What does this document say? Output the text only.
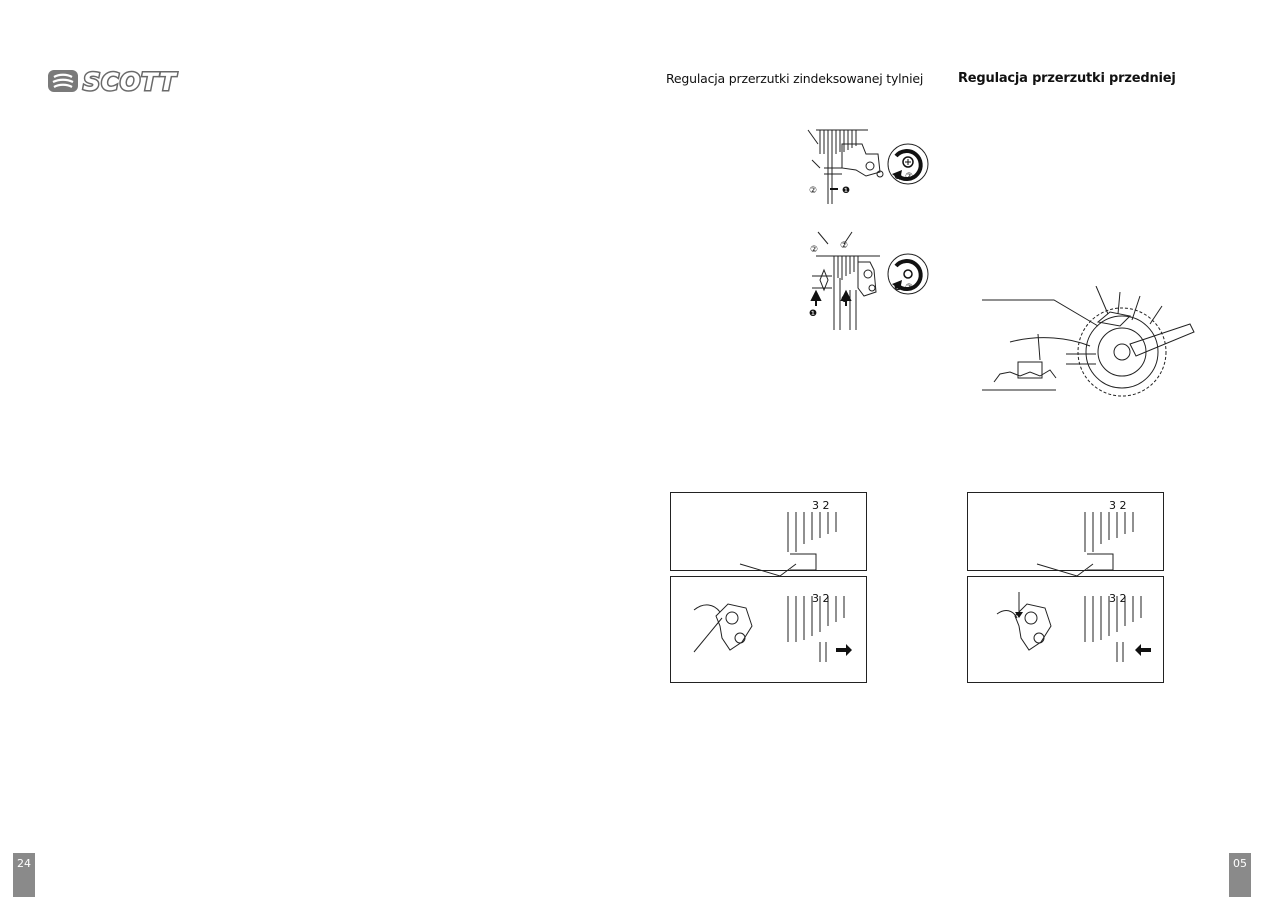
SCOTT	Regulacja przerzutki zindeksowanej tylniej	Regulacja przerzutki przedniej
❶ ②
②	❶
❶ ②
② ②
❶
❶
3 2
3 2
3 2
3 2
24	05
